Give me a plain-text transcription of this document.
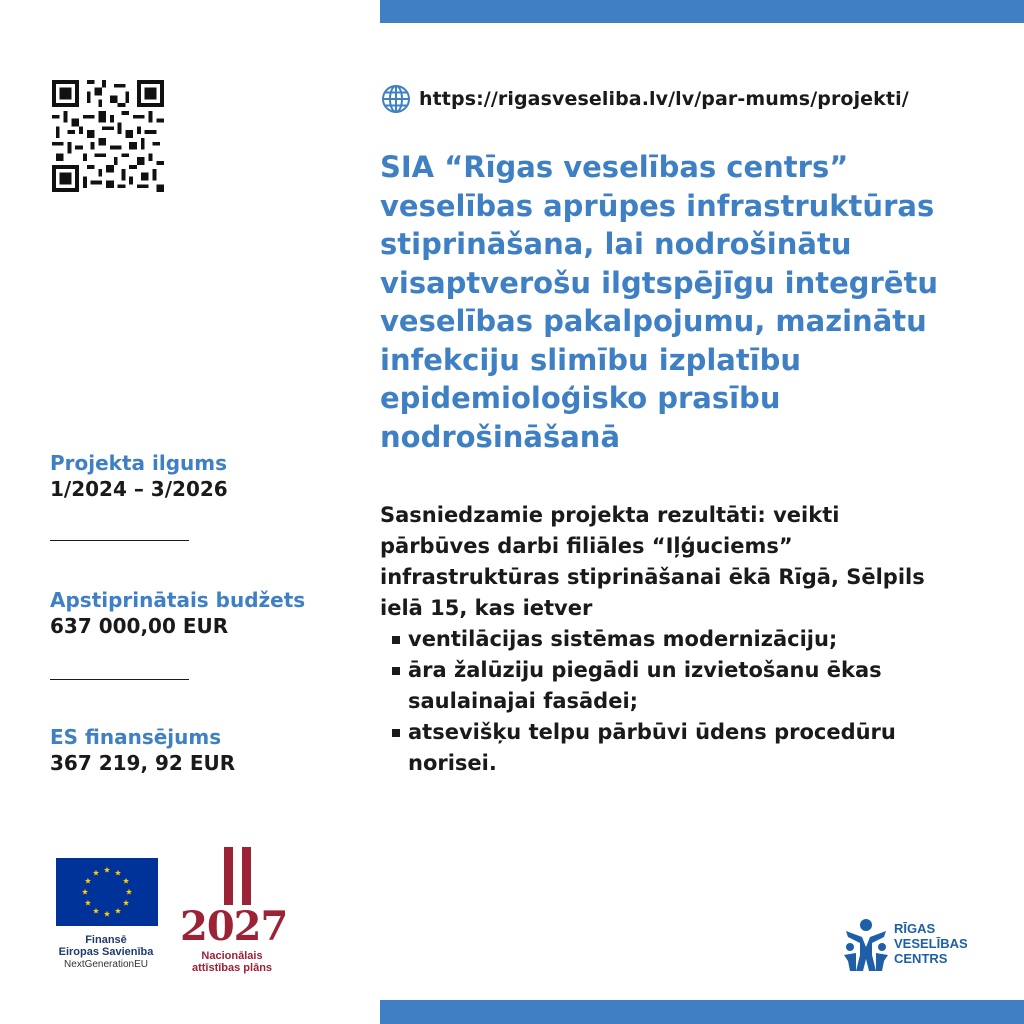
https://rigasveseliba.lv/lv/par-mums/projekti/
SIA “Rīgas veselības centrs”
veselības aprūpes infrastruktūras
stiprināšana, lai nodrošinātu
visaptverošu ilgtspējīgu integrētu
veselības pakalpojumu, mazinātu
infekciju slimību izplatību
epidemioloģisko prasību
nodrošināšanā
Sasniedzamie projekta rezultāti: veikti
pārbūves darbi filiāles “Iļģuciems”
infrastruktūras stiprināšanai ēkā Rīgā, Sēlpils
ielā 15, kas ietver
ventilācijas sistēmas modernizāciju;
āra žalūziju piegādi un izvietošanu ēkas
saulainajai fasādei;
atsevišķu telpu pārbūvi ūdens procedūru
norisei.
Projekta ilgums
1/2024 – 3/2026
Apstiprinātais budžets
637 000,00 EUR
ES finansējums
367 219, 92 EUR
Finansē
Eiropas Savienība
NextGenerationEU
2027
Nacionālais
attīstības plāns
RĪGAS
VESELĪBAS
CENTRS
